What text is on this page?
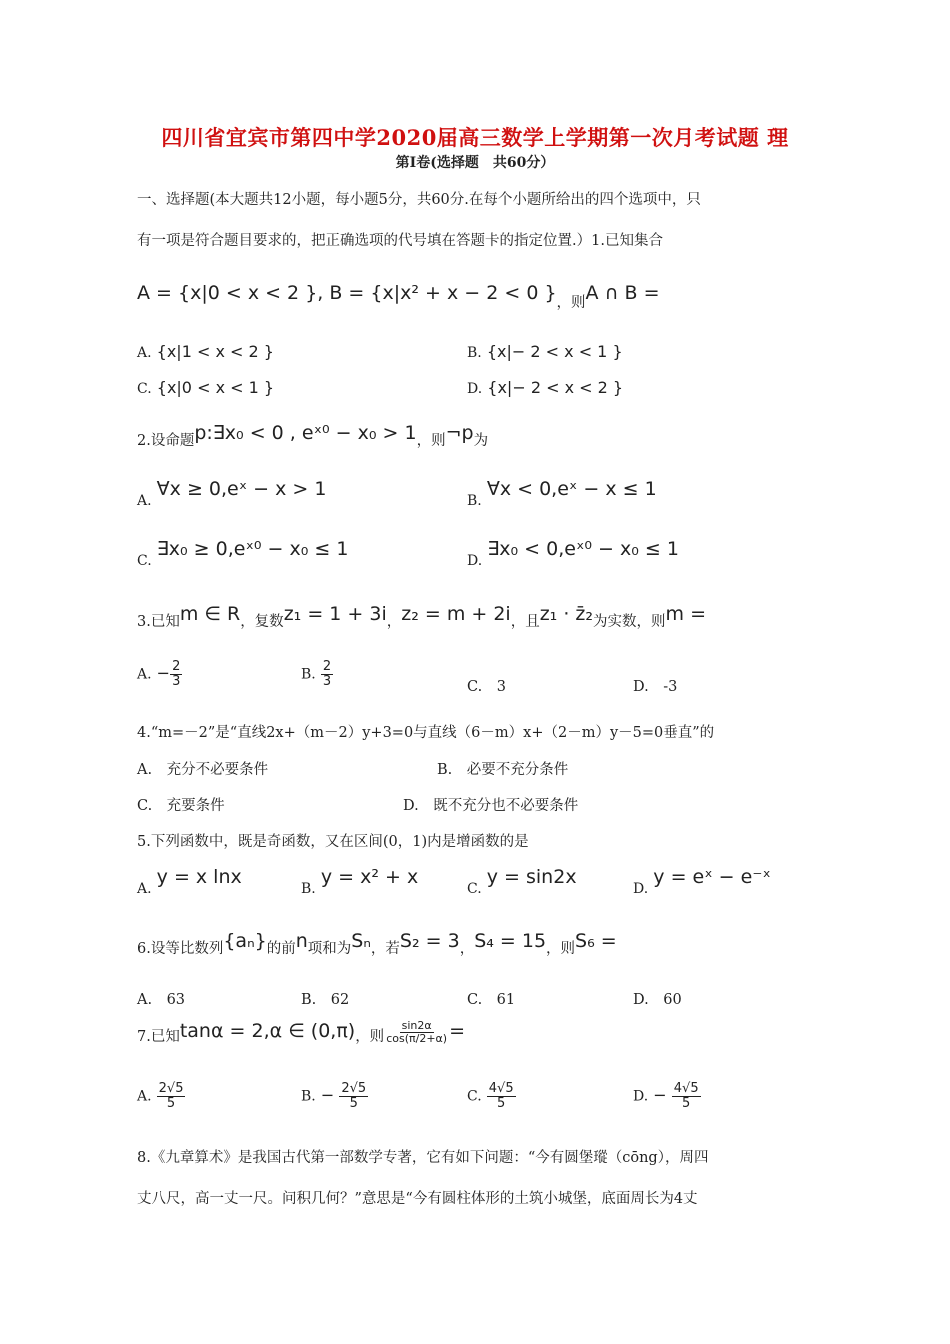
四川省宜宾市第四中学2020届高三数学上学期第一次月考试题 理
第Ⅰ卷(选择题　共60分）
一、选择题(本大题共12小题，每小题5分，共60分.在每个小题所给出的四个选项中，只
有一项是符合题目要求的，把正确选项的代号填在答题卡的指定位置.）1.已知集合
A = {x|0 < x < 2 }, B = {x|x² + x − 2 < 0 }，则A ∩ B =
A. {x|1 < x < 2 }	B. {x|− 2 < x < 1 }
C. {x|0 < x < 1 }	D. {x|− 2 < x < 2 }
2.设命题p:∃x₀ < 0 , eˣ⁰ − x₀ > 1，则¬p为
A. ∀x ≥ 0,eˣ − x > 1
B. ∀x < 0,eˣ − x ≤ 1
C. ∃x₀ ≥ 0,eˣ⁰ − x₀ ≤ 1
D. ∃x₀ < 0,eˣ⁰ − x₀ ≤ 1
3.已知m ∈ R，复数z₁ = 1 + 3i，z₂ = m + 2i，且z₁ · z̄₂为实数，则m =
A. − $\frac{2}{3}$	B. $\frac{2}{3}$	C.　 3	D.　 -3
4.“m=－2”是“直线2x+（m－2）y+3=0与直线（6－m）x+（2－m）y－5=0垂直”的
A.　充分不必要条件	B.　必要不充分条件
C.　充要条件	D.　既不充分也不必要条件
5.下列函数中，既是奇函数，又在区间(0，1)内是增函数的是
A. y = x lnx
B. y = x² + x
C. y = sin2x
D. y = eˣ − e⁻ˣ
6.设等比数列{aₙ}的前n项和为Sₙ，若S₂ = 3，S₄ = 15，则S₆ =
A.　63	B.　62	C.　61	D.　60
7.已知tanα = 2,α ∈ (0,π)，则 $\frac{\sin 2\alpha}{\cos(\pi/2+\alpha)}$ =
A. $\frac{2√5}{5}$	B. − $\frac{2√5}{5}$	C. $\frac{4√5}{5}$	D. − $\frac{4√5}{5}$
8.《九章算术》是我国古代第一部数学专著，它有如下问题：“今有圆堡瑽（cōng），周四
丈八尺，高一丈一尺。问积几何？”意思是“今有圆柱体形的土筑小城堡，底面周长为4丈
